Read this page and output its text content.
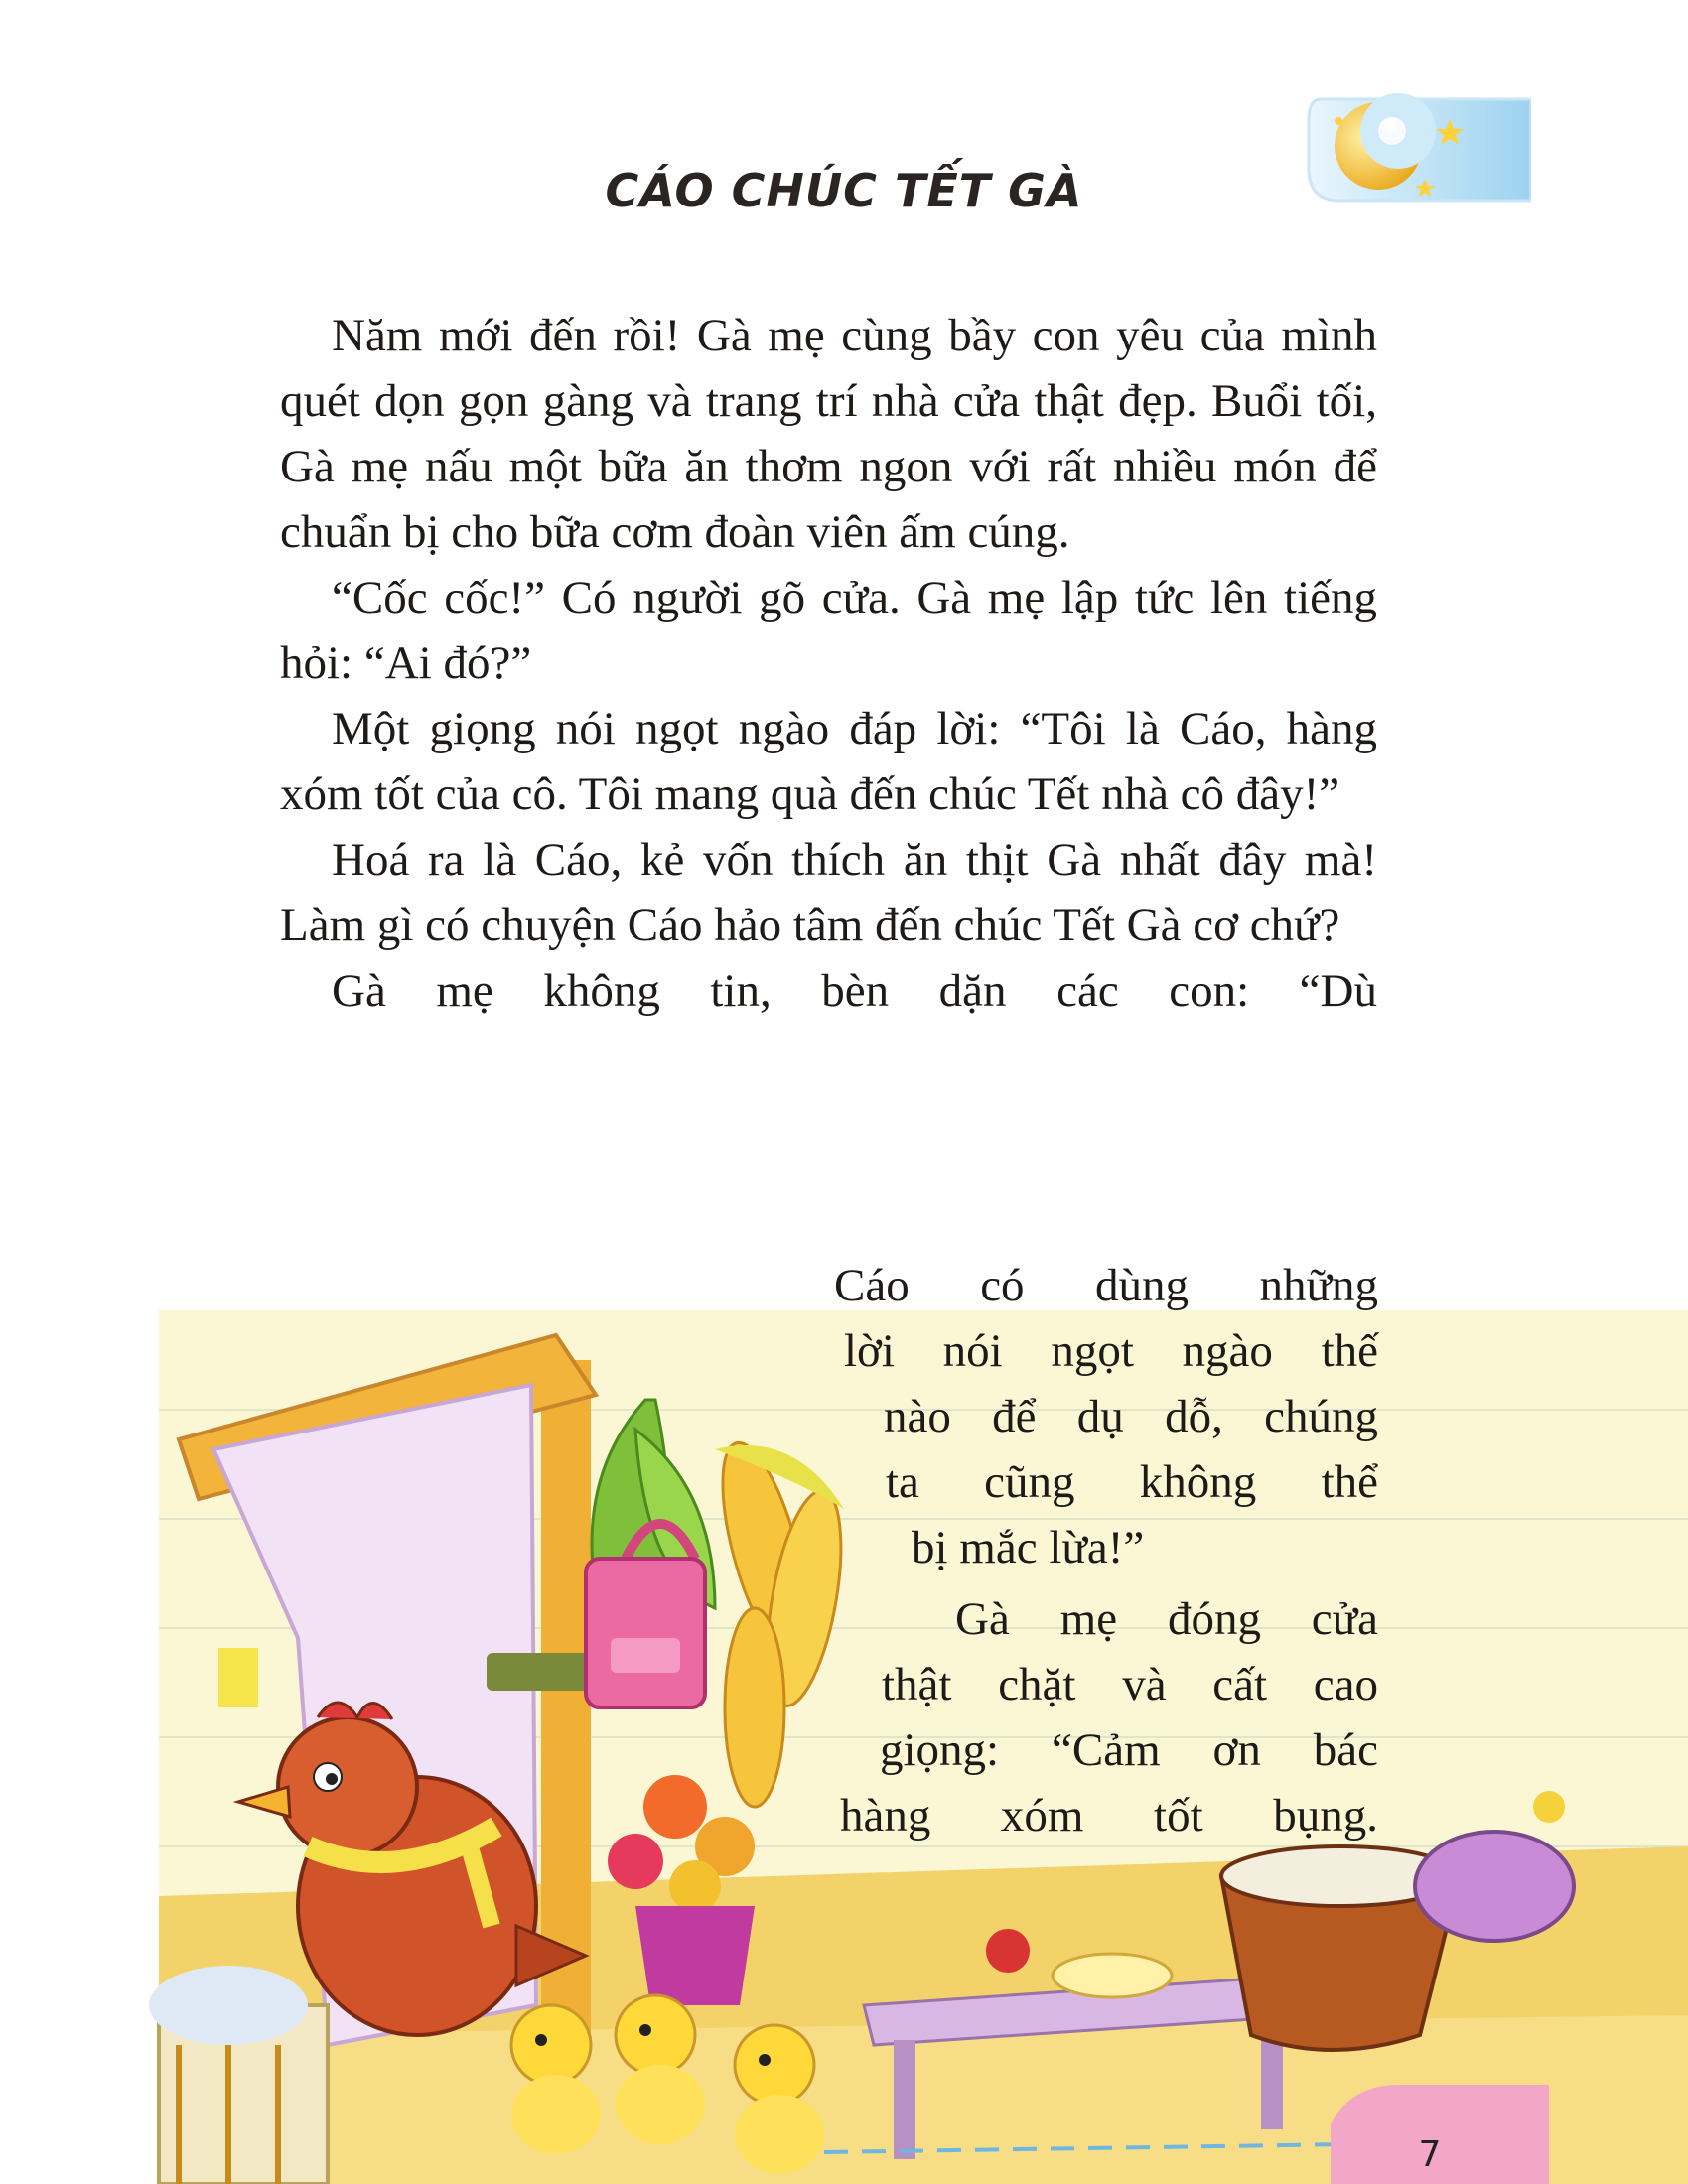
CÁO CHÚC TẾT GÀ

Năm mới đến rồi! Gà mẹ cùng bầy con yêu của mình quét dọn gọn gàng và trang trí nhà cửa thật đẹp. Buổi tối, Gà mẹ nấu một bữa ăn thơm ngon với rất nhiều món để chuẩn bị cho bữa cơm đoàn viên ấm cúng.

“Cốc cốc!” Có người gõ cửa. Gà mẹ lập tức lên tiếng hỏi: “Ai đó?”

Một giọng nói ngọt ngào đáp lời: “Tôi là Cáo, hàng xóm tốt của cô. Tôi mang quà đến chúc Tết nhà cô đây!”

Hoá ra là Cáo, kẻ vốn thích ăn thịt Gà nhất đây mà! Làm gì có chuyện Cáo hảo tâm đến chúc Tết Gà cơ chứ?

Gà mẹ không tin, bèn dặn các con: “Dù

Cáo có dùng những
lời nói ngọt ngào thế
nào để dụ dỗ, chúng
ta cũng không thể
bị mắc lừa!”
Gà mẹ đóng cửa
thật chặt và cất cao
giọng: “Cảm ơn bác
hàng xóm tốt bụng.
7
